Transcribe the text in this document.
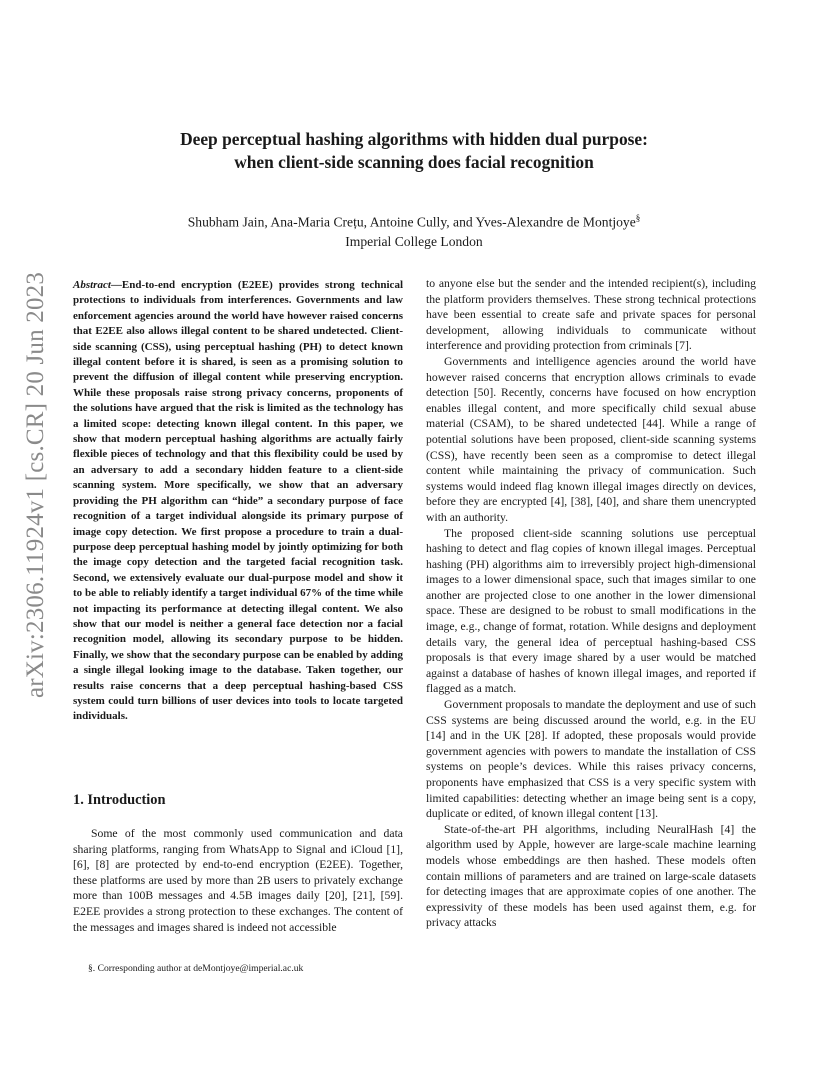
arXiv:2306.11924v1 [cs.CR] 20 Jun 2023
Deep perceptual hashing algorithms with hidden dual purpose:
when client-side scanning does facial recognition
Shubham Jain, Ana-Maria Crețu, Antoine Cully, and Yves-Alexandre de Montjoye§
Imperial College London

Abstract—End-to-end encryption (E2EE) provides strong technical protections to individuals from interferences. Governments and law enforcement agencies around the world have however raised concerns that E2EE also allows illegal content to be shared undetected. Client-side scanning (CSS), using perceptual hashing (PH) to detect known illegal content before it is shared, is seen as a promising solution to prevent the diffusion of illegal content while preserving encryption. While these proposals raise strong privacy concerns, proponents of the solutions have argued that the risk is limited as the technology has a limited scope: detecting known illegal content. In this paper, we show that modern perceptual hashing algorithms are actually fairly flexible pieces of technology and that this flexibility could be used by an adversary to add a secondary hidden feature to a client-side scanning system. More specifically, we show that an adversary providing the PH algorithm can “hide” a secondary purpose of face recognition of a target individual alongside its primary purpose of image copy detection. We first propose a procedure to train a dual-purpose deep perceptual hashing model by jointly optimizing for both the image copy detection and the targeted facial recognition task. Second, we extensively evaluate our dual-purpose model and show it to be able to reliably identify a target individual 67% of the time while not impacting its performance at detecting illegal content. We also show that our model is neither a general face detection nor a facial recognition model, allowing its secondary purpose to be hidden. Finally, we show that the secondary purpose can be enabled by adding a single illegal looking image to the database. Taken together, our results raise concerns that a deep perceptual hashing-based CSS system could turn billions of user devices into tools to locate targeted individuals.

1. Introduction

Some of the most commonly used communication and data sharing platforms, ranging from WhatsApp to Signal and iCloud [1], [6], [8] are protected by end-to-end encryption (E2EE). Together, these platforms are used by more than 2B users to privately exchange more than 100B messages and 4.5B images daily [20], [21], [59]. E2EE provides a strong protection to these exchanges. The content of the messages and images shared is indeed not accessible

§. Corresponding author at deMontjoye@imperial.ac.uk

to anyone else but the sender and the intended recipient(s), including the platform providers themselves. These strong technical protections have been essential to create safe and private spaces for personal development, allowing individuals to communicate without interference and providing protection from criminals [7].

Governments and intelligence agencies around the world have however raised concerns that encryption allows criminals to evade detection [50]. Recently, concerns have focused on how encryption enables illegal content, and more specifically child sexual abuse material (CSAM), to be shared undetected [44]. While a range of potential solutions have been proposed, client-side scanning systems (CSS), have recently been seen as a compromise to detect illegal content while maintaining the privacy of communication. Such systems would indeed flag known illegal images directly on devices, before they are encrypted [4], [38], [40], and share them unencrypted with an authority.

The proposed client-side scanning solutions use perceptual hashing to detect and flag copies of known illegal images. Perceptual hashing (PH) algorithms aim to irreversibly project high-dimensional images to a lower dimensional space, such that images similar to one another are projected close to one another in the lower dimensional space. These are designed to be robust to small modifications in the image, e.g., change of format, rotation. While designs and deployment details vary, the general idea of perceptual hashing-based CSS proposals is that every image shared by a user would be matched against a database of hashes of known illegal images, and reported if flagged as a match.

Government proposals to mandate the deployment and use of such CSS systems are being discussed around the world, e.g. in the EU [14] and in the UK [28]. If adopted, these proposals would provide government agencies with powers to mandate the installation of CSS systems on people’s devices. While this raises privacy concerns, proponents have emphasized that CSS is a very specific system with limited capabilities: detecting whether an image being sent is a copy, duplicate or edited, of known illegal content [13].

State-of-the-art PH algorithms, including NeuralHash [4] the algorithm used by Apple, however are large-scale machine learning models whose embeddings are then hashed. These models often contain millions of parameters and are trained on large-scale datasets for detecting images that are approximate copies of one another. The expressivity of these models has been used against them, e.g. for privacy attacks
